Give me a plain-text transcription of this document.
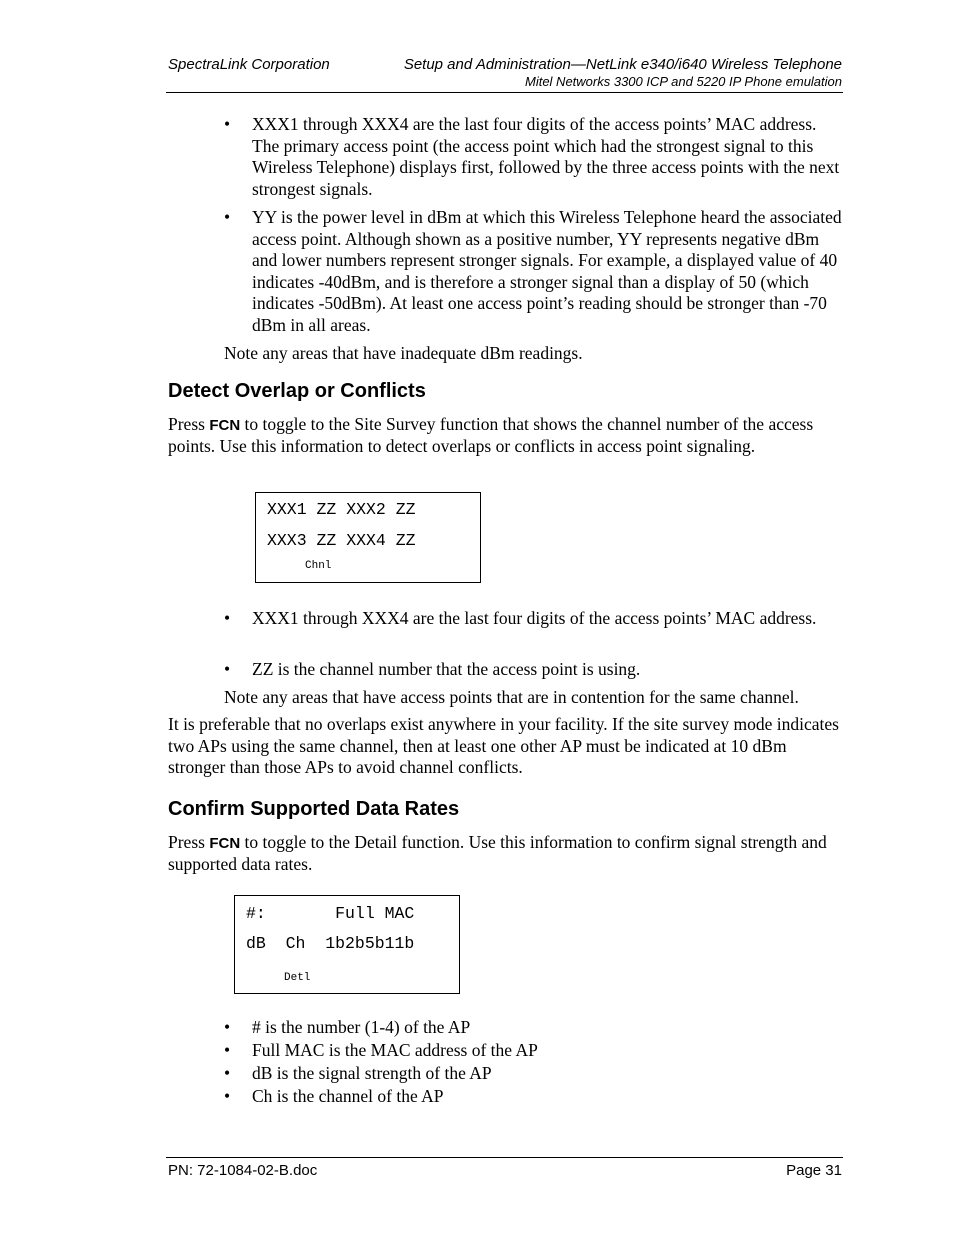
SpectraLink Corporation	Setup and Administration—NetLink e340/i640 Wireless Telephone
Mitel Networks 3300 ICP and 5220 IP Phone emulation
• XXX1 through XXX4 are the last four digits of the access points’ MAC address. The primary access point (the access point which had the strongest signal to this Wireless Telephone) displays first, followed by the three access points with the next strongest signals.
• YY is the power level in dBm at which this Wireless Telephone heard the associated access point. Although shown as a positive number, YY represents negative dBm and lower numbers represent stronger signals. For example, a displayed value of 40 indicates -40dBm, and is therefore a stronger signal than a display of 50 (which indicates -50dBm). At least one access point’s reading should be stronger than -70 dBm in all areas.
Note any areas that have inadequate dBm readings.
Detect Overlap or Conflicts
Press FCN to toggle to the Site Survey function that shows the channel number of the access points. Use this information to detect overlaps or conflicts in access point signaling.
XXX1 ZZ XXX2 ZZ
XXX3 ZZ XXX4 ZZ
Chnl
• XXX1 through XXX4 are the last four digits of the access points’ MAC address.
• ZZ is the channel number that the access point is using.
Note any areas that have access points that are in contention for the same channel.
It is preferable that no overlaps exist anywhere in your facility. If the site survey mode indicates two APs using the same channel, then at least one other AP must be indicated at 10 dBm stronger than those APs to avoid channel conflicts.
Confirm Supported Data Rates
Press FCN to toggle to the Detail function. Use this information to confirm signal strength and supported data rates.
#:       Full MAC
dB  Ch  1b2b5b11b
Detl
• # is the number (1-4) of the AP
• Full MAC is the MAC address of the AP
• dB is the signal strength of the AP
• Ch is the channel of the AP
PN: 72-1084-02-B.doc	Page 31
